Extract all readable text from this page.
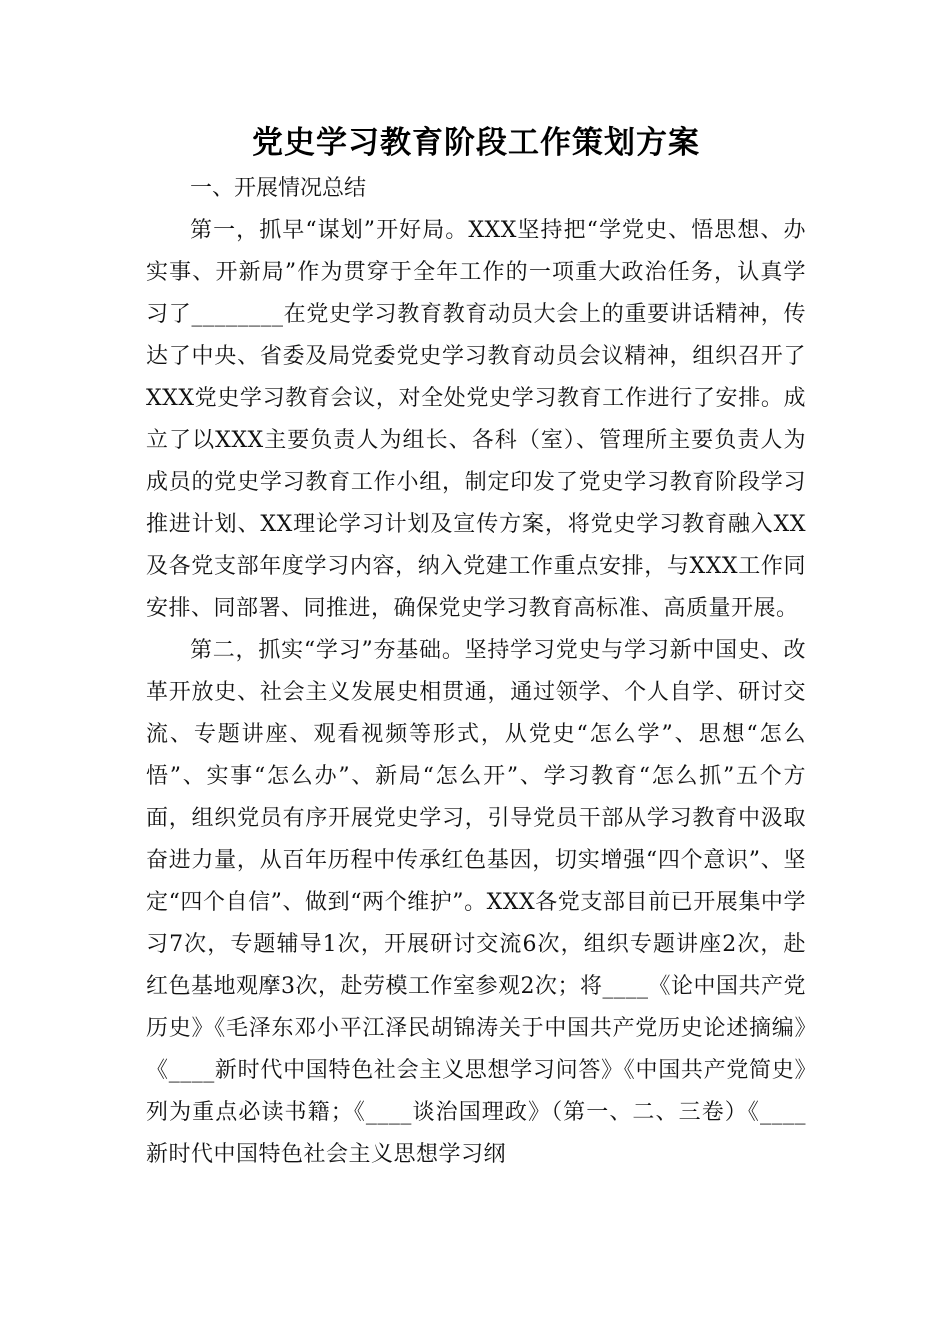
党史学习教育阶段工作策划方案

一、开展情况总结

第一，抓早“谋划”开好局。XXX坚持把“学党史、悟思想、办实事、开新局”作为贯穿于全年工作的一项重大政治任务，认真学习了________在党史学习教育教育动员大会上的重要讲话精神，传达了中央、省委及局党委党史学习教育动员会议精神，组织召开了XXX党史学习教育会议，对全处党史学习教育工作进行了安排。成立了以XXX主要负责人为组长、各科（室）、管理所主要负责人为成员的党史学习教育工作小组，制定印发了党史学习教育阶段学习推进计划、XX理论学习计划及宣传方案，将党史学习教育融入XX及各党支部年度学习内容，纳入党建工作重点安排，与XXX工作同安排、同部署、同推进，确保党史学习教育高标准、高质量开展。

第二，抓实“学习”夯基础。坚持学习党史与学习新中国史、改革开放史、社会主义发展史相贯通，通过领学、个人自学、研讨交流、专题讲座、观看视频等形式，从党史“怎么学”、思想“怎么悟”、实事“怎么办”、新局“怎么开”、学习教育“怎么抓”五个方面，组织党员有序开展党史学习，引导党员干部从学习教育中汲取奋进力量，从百年历程中传承红色基因，切实增强“四个意识”、坚定“四个自信”、做到“两个维护”。XXX各党支部目前已开展集中学习7次，专题辅导1次，开展研讨交流6次，组织专题讲座2次，赴红色基地观摩3次，赴劳模工作室参观2次；将____《论中国共产党历史》《毛泽东邓小平江泽民胡锦涛关于中国共产党历史论述摘编》《____新时代中国特色社会主义思想学习问答》《中国共产党简史》列为重点必读书籍；《____谈治国理政》（第一、二、三卷）《____新时代中国特色社会主义思想学习纲
